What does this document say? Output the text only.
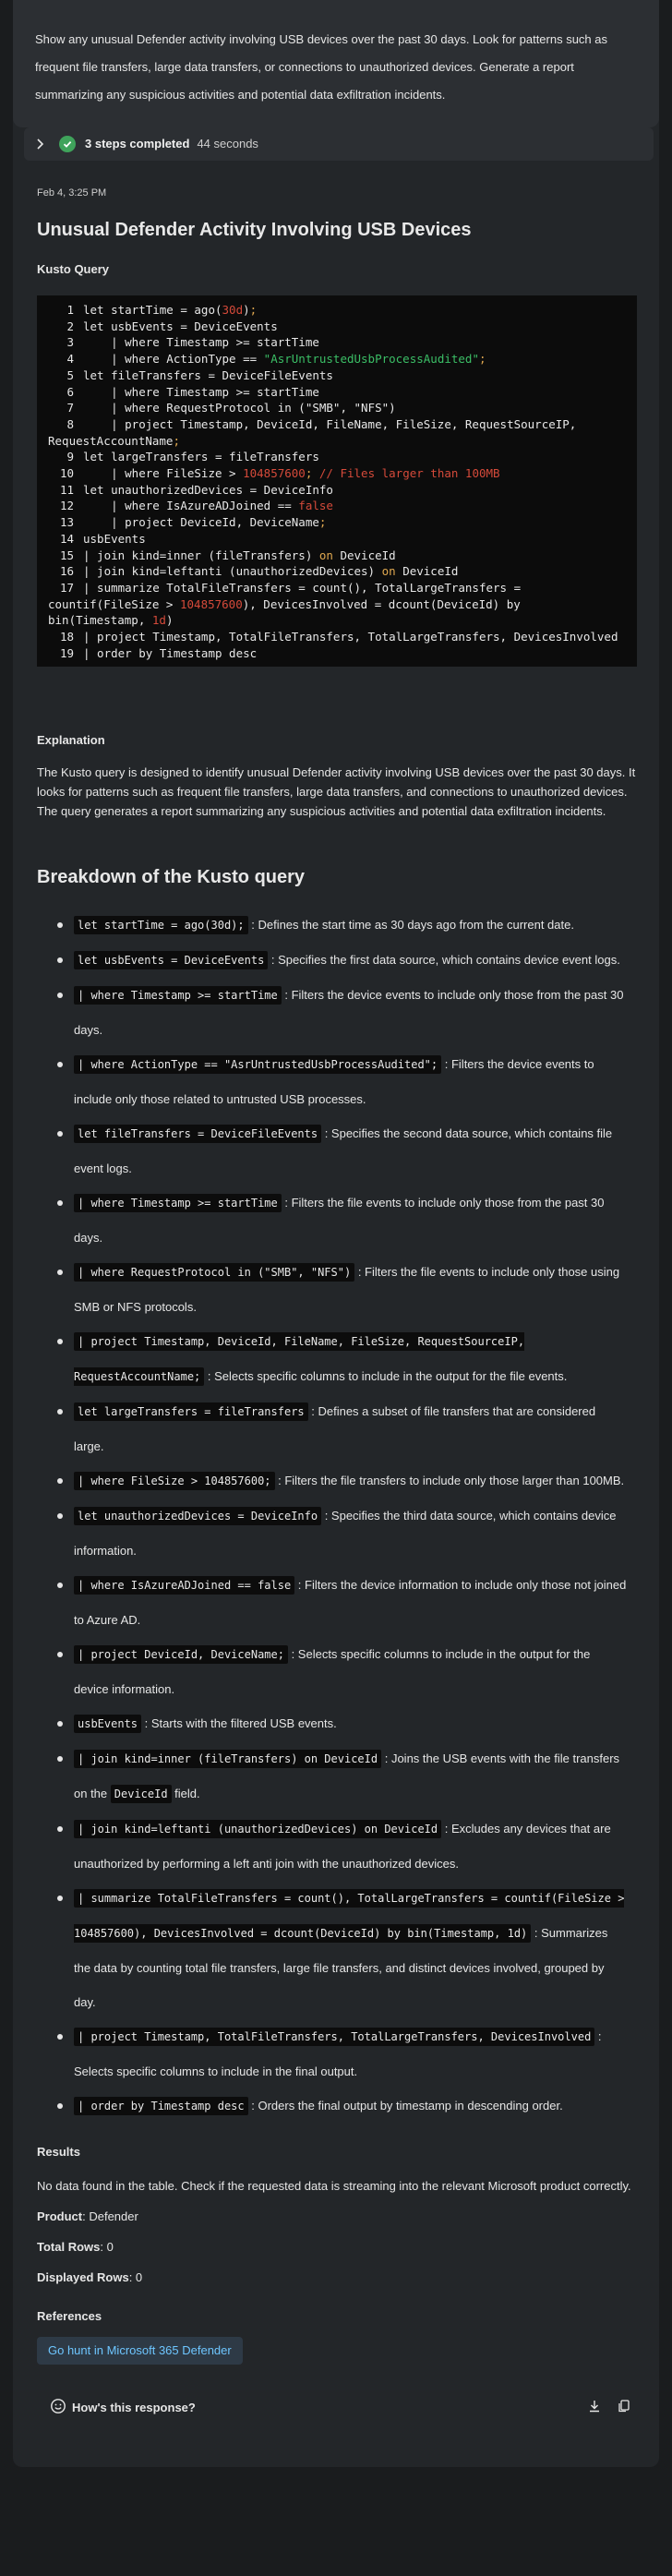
Show any unusual Defender activity involving USB devices over the past 30 days. Look for patterns such as frequent file transfers, large data transfers, or connections to unauthorized devices. Generate a report summarizing any suspicious activities and potential data exfiltration incidents.
3 steps completed 44 seconds
Feb 4, 3:25 PM
Unusual Defender Activity Involving USB Devices
Kusto Query
1 let startTime = ago(30d);
2 let usbEvents = DeviceEvents
3    | where Timestamp >= startTime
4    | where ActionType == "AsrUntrustedUsbProcessAudited";
5 let fileTransfers = DeviceFileEvents
6    | where Timestamp >= startTime
7    | where RequestProtocol in ("SMB", "NFS")
8	| project Timestamp, DeviceId, FileName, FileSize, RequestSourceIP,
RequestAccountName;
9 let largeTransfers = fileTransfers
10    | where FileSize > 104857600; // Files larger than 100MB
11 let unauthorizedDevices = DeviceInfo
12    | where IsAzureADJoined == false
13    | project DeviceId, DeviceName;
14 usbEvents
15 | join kind=inner (fileTransfers) on DeviceId
16 | join kind=leftanti (unauthorizedDevices) on DeviceId
17 | summarize TotalFileTransfers = count(), TotalLargeTransfers =
countif(FileSize > 104857600), DevicesInvolved = dcount(DeviceId) by
bin(Timestamp, 1d)
18 | project Timestamp, TotalFileTransfers, TotalLargeTransfers, DevicesInvolved
19 | order by Timestamp desc
Explanation
The Kusto query is designed to identify unusual Defender activity involving USB devices over the past 30 days. It looks for patterns such as frequent file transfers, large data transfers, and connections to unauthorized devices. The query generates a report summarizing any suspicious activities and potential data exfiltration incidents.
Breakdown of the Kusto query
let startTime = ago(30d); : Defines the start time as 30 days ago from the current date.
let usbEvents = DeviceEvents : Specifies the first data source, which contains device event logs.
| where Timestamp >= startTime : Filters the device events to include only those from the past 30 days.
| where ActionType == "AsrUntrustedUsbProcessAudited"; : Filters the device events to include only those related to untrusted USB processes.
let fileTransfers = DeviceFileEvents : Specifies the second data source, which contains file event logs.
| where Timestamp >= startTime : Filters the file events to include only those from the past 30 days.
| where RequestProtocol in ("SMB", "NFS") : Filters the file events to include only those using SMB or NFS protocols.
| project Timestamp, DeviceId, FileName, FileSize, RequestSourceIP, RequestAccountName; : Selects specific columns to include in the output for the file events.
let largeTransfers = fileTransfers : Defines a subset of file transfers that are considered large.
| where FileSize > 104857600; : Filters the file transfers to include only those larger than 100MB.
let unauthorizedDevices = DeviceInfo : Specifies the third data source, which contains device information.
| where IsAzureADJoined == false : Filters the device information to include only those not joined to Azure AD.
| project DeviceId, DeviceName; : Selects specific columns to include in the output for the device information.
usbEvents : Starts with the filtered USB events.
| join kind=inner (fileTransfers) on DeviceId : Joins the USB events with the file transfers on the DeviceId field.
| join kind=leftanti (unauthorizedDevices) on DeviceId : Excludes any devices that are unauthorized by performing a left anti join with the unauthorized devices.
| summarize TotalFileTransfers = count(), TotalLargeTransfers = countif(FileSize > 104857600), DevicesInvolved = dcount(DeviceId) by bin(Timestamp, 1d) : Summarizes the data by counting total file transfers, large file transfers, and distinct devices involved, grouped by day.
| project Timestamp, TotalFileTransfers, TotalLargeTransfers, DevicesInvolved : Selects specific columns to include in the final output.
| order by Timestamp desc : Orders the final output by timestamp in descending order.
Results

No data found in the table. Check if the requested data is streaming into the relevant Microsoft product correctly.

Product: Defender

Total Rows: 0

Displayed Rows: 0

References
Go hunt in Microsoft 365 Defender
How's this response?
